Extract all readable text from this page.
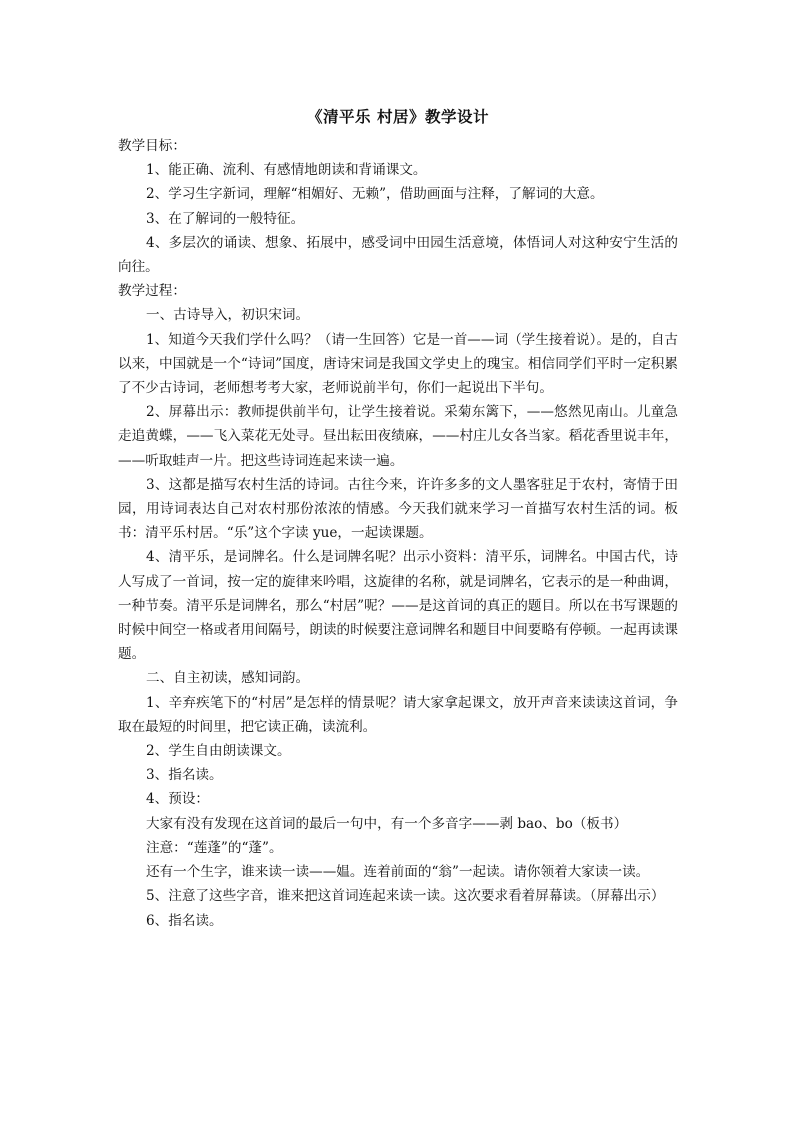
《清平乐 村居》教学设计

教学目标：

1、能正确、流利、有感情地朗读和背诵课文。

2、学习生字新词，理解“相媚好、无赖”，借助画面与注释，了解词的大意。

3、在了解词的一般特征。

4、多层次的诵读、想象、拓展中，感受词中田园生活意境，体悟词人对这种安宁生活的向往。

教学过程：

一、古诗导入，初识宋词。

1、知道今天我们学什么吗？（请一生回答）它是一首——词（学生接着说）。是的，自古以来，中国就是一个“诗词”国度，唐诗宋词是我国文学史上的瑰宝。相信同学们平时一定积累了不少古诗词，老师想考考大家，老师说前半句，你们一起说出下半句。

2、屏幕出示：教师提供前半句，让学生接着说。采菊东篱下，——悠然见南山。儿童急走追黄蝶，——飞入菜花无处寻。昼出耘田夜绩麻，——村庄儿女各当家。稻花香里说丰年，——听取蛙声一片。把这些诗词连起来读一遍。

3、这都是描写农村生活的诗词。古往今来，许许多多的文人墨客驻足于农村，寄情于田园，用诗词表达自己对农村那份浓浓的情感。今天我们就来学习一首描写农村生活的词。板书：清平乐村居。“乐”这个字读 yue，一起读课题。

4、清平乐，是词牌名。什么是词牌名呢？出示小资料：清平乐，词牌名。中国古代，诗人写成了一首词，按一定的旋律来吟唱，这旋律的名称，就是词牌名，它表示的是一种曲调，一种节奏。清平乐是词牌名，那么“村居”呢？——是这首词的真正的题目。所以在书写课题的时候中间空一格或者用间隔号，朗读的时候要注意词牌名和题目中间要略有停顿。一起再读课题。

二、自主初读，感知词韵。

1、辛弃疾笔下的“村居”是怎样的情景呢？请大家拿起课文，放开声音来读读这首词，争取在最短的时间里，把它读正确，读流利。

2、学生自由朗读课文。

3、指名读。

4、预设：

大家有没有发现在这首词的最后一句中，有一个多音字——剥 bao、bo（板书）

注意：“莲蓬”的“蓬”。

还有一个生字，谁来读一读——媪。连着前面的“翁”一起读。请你领着大家读一读。

5、注意了这些字音，谁来把这首词连起来读一读。这次要求看着屏幕读。（屏幕出示）

6、指名读。
